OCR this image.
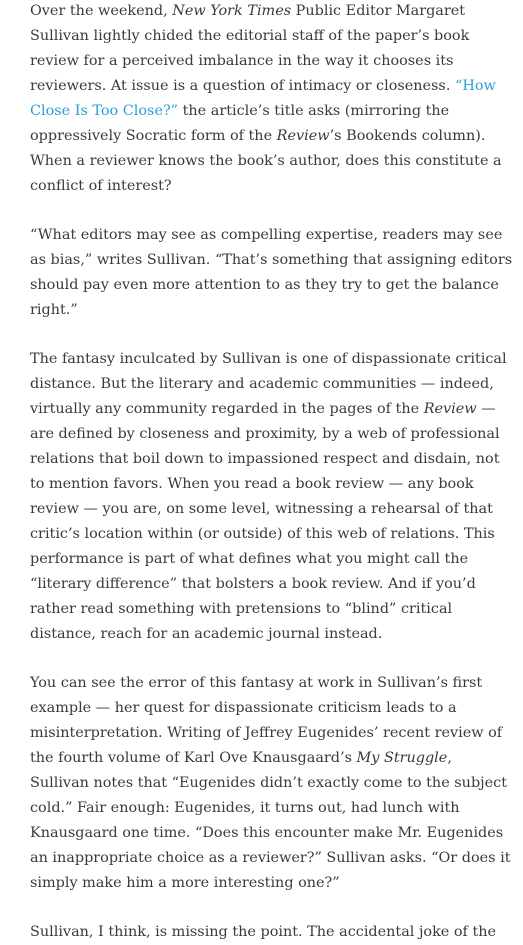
Over the weekend, New York Times Public Editor Margaret Sullivan lightly chided the editorial staff of the paper’s book review for a perceived imbalance in the way it chooses its reviewers. At issue is a question of intimacy or closeness. “How Close Is Too Close?” the article’s title asks (mirroring the oppressively Socratic form of the Review’s Bookends column). When a reviewer knows the book’s author, does this constitute a conflict of interest?

“What editors may see as compelling expertise, readers may see as bias,” writes Sullivan. “That’s something that assigning editors should pay even more attention to as they try to get the balance right.”

The fantasy inculcated by Sullivan is one of dispassionate critical distance. But the literary and academic communities — indeed, virtually any community regarded in the pages of the Review — are defined by closeness and proximity, by a web of professional relations that boil down to impassioned respect and disdain, not to mention favors. When you read a book review — any book review — you are, on some level, witnessing a rehearsal of that critic’s location within (or outside) of this web of relations. This performance is part of what defines what you might call the “literary difference” that bolsters a book review. And if you’d rather read something with pretensions to “blind” critical distance, reach for an academic journal instead.

You can see the error of this fantasy at work in Sullivan’s first example — her quest for dispassionate criticism leads to a misinterpretation. Writing of Jeffrey Eugenides’ recent review of the fourth volume of Karl Ove Knausgaard’s My Struggle, Sullivan notes that “Eugenides didn’t exactly come to the subject cold.” Fair enough: Eugenides, it turns out, had lunch with Knausgaard one time. “Does this encounter make Mr. Eugenides an inappropriate choice as a reviewer?” Sullivan asks. “Or does it simply make him a more interesting one?”

Sullivan, I think, is missing the point. The accidental joke of the
